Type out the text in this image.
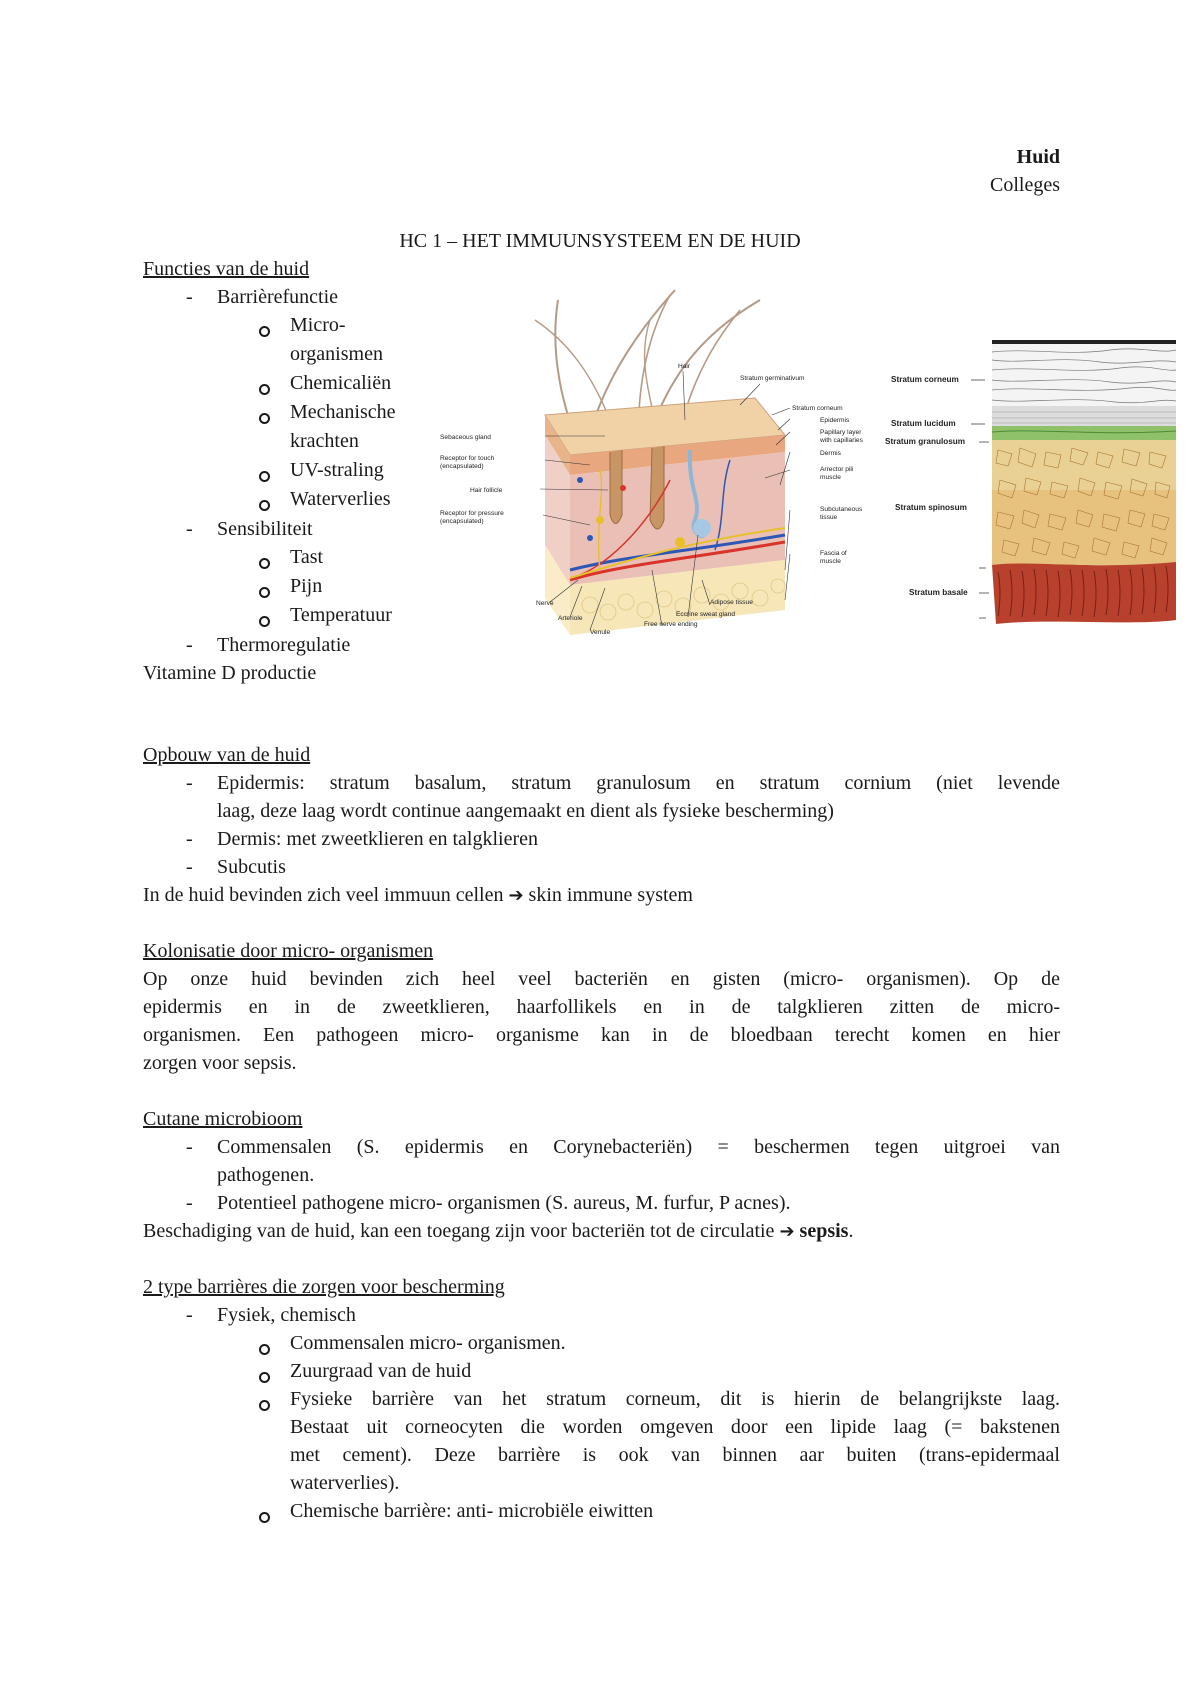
Huid
Colleges
HC 1 – HET IMMUUNSYSTEEM EN DE HUID
Functies van de huid
-	Barrièrefunctie
Micro-
organismen
Chemicaliën
Mechanische
krachten
UV-straling
Waterverlies
-	Sensibiliteit
Tast
Pijn
Temperatuur
-	Thermoregulatie
Vitamine D productie
Sebaceous gland
Receptor for touch
(encapsulated)
Hair follicle
Receptor for pressure
(encapsulated)
Hair
Stratum germinativum
Stratum corneum
Epidermis
Papillary layer
with capillaries
Dermis
Arrector pili
muscle
Subcutaneous
tissue
Fascia of
muscle
Nerve
Arteriole
Venule
Adipose tissue
Eccrine sweat gland
Free nerve ending
Stratum corneum
Stratum lucidum
Stratum granulosum
Stratum spinosum
Stratum basale
Opbouw van de huid
-	Epidermis: stratum basalum, stratum granulosum en stratum cornium (niet levende
laag, deze laag wordt continue aangemaakt en dient als fysieke bescherming)
-	Dermis: met zweetklieren en talgklieren
-	Subcutis
In de huid bevinden zich veel immuun cellen ➔ skin immune system
Kolonisatie door micro- organismen
Op onze huid bevinden zich heel veel bacteriën en gisten (micro- organismen). Op de
epidermis en in de zweetklieren, haarfollikels en in de talgklieren zitten de micro-
organismen. Een pathogeen micro- organisme kan in de bloedbaan terecht komen en hier
zorgen voor sepsis.
Cutane microbioom
-	Commensalen (S. epidermis en Corynebacteriën) = beschermen tegen uitgroei van
pathogenen.
-	Potentieel pathogene micro- organismen (S. aureus, M. furfur, P acnes).
Beschadiging van de huid, kan een toegang zijn voor bacteriën tot de circulatie ➔ sepsis.
2 type barrières die zorgen voor bescherming
-	Fysiek, chemisch
Commensalen micro- organismen.
Zuurgraad van de huid
Fysieke barrière van het stratum corneum, dit is hierin de belangrijkste laag.
Bestaat uit corneocyten die worden omgeven door een lipide laag (= bakstenen
met cement). Deze barrière is ook van binnen aar buiten (trans-epidermaal
waterverlies).
Chemische barrière: anti- microbiële eiwitten
